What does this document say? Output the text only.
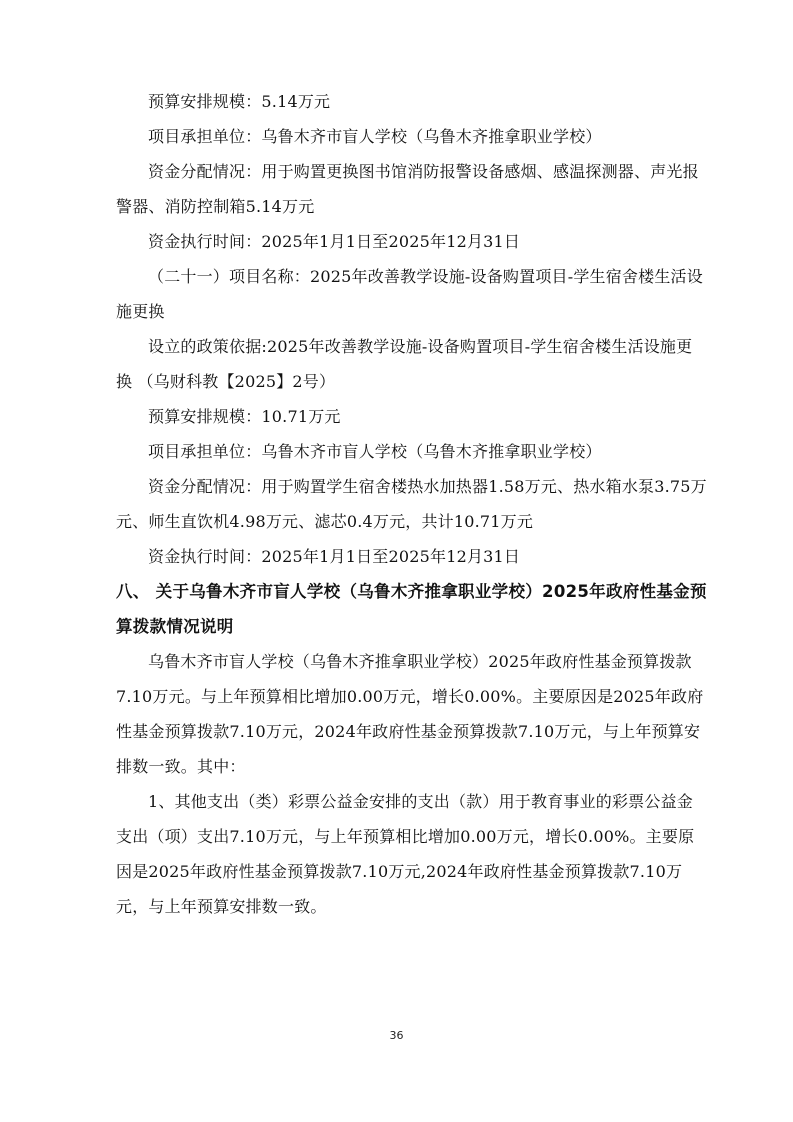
预算安排规模：5.14万元

项目承担单位：乌鲁木齐市盲人学校（乌鲁木齐推拿职业学校）

资金分配情况：用于购置更换图书馆消防报警设备感烟、感温探测器、声光报警器、消防控制箱5.14万元

资金执行时间：2025年1月1日至2025年12月31日

（二十一）项目名称：2025年改善教学设施-设备购置项目-学生宿舍楼生活设施更换

设立的政策依据:2025年改善教学设施-设备购置项目-学生宿舍楼生活设施更换 （乌财科教【2025】2号）

预算安排规模：10.71万元

项目承担单位：乌鲁木齐市盲人学校（乌鲁木齐推拿职业学校）

资金分配情况：用于购置学生宿舍楼热水加热器1.58万元、热水箱水泵3.75万元、师生直饮机4.98万元、滤芯0.4万元，共计10.71万元

资金执行时间：2025年1月1日至2025年12月31日

八、 关于乌鲁木齐市盲人学校（乌鲁木齐推拿职业学校）2025年政府性基金预算拨款情况说明

乌鲁木齐市盲人学校（乌鲁木齐推拿职业学校）2025年政府性基金预算拨款7.10万元。与上年预算相比增加0.00万元，增长0.00%。主要原因是2025年政府性基金预算拨款7.10万元，2024年政府性基金预算拨款7.10万元，与上年预算安排数一致。其中：

1、其他支出（类）彩票公益金安排的支出（款）用于教育事业的彩票公益金支出（项）支出7.10万元，与上年预算相比增加0.00万元，增长0.00%。主要原因是2025年政府性基金预算拨款7.10万元,2024年政府性基金预算拨款7.10万元，与上年预算安排数一致。

36
